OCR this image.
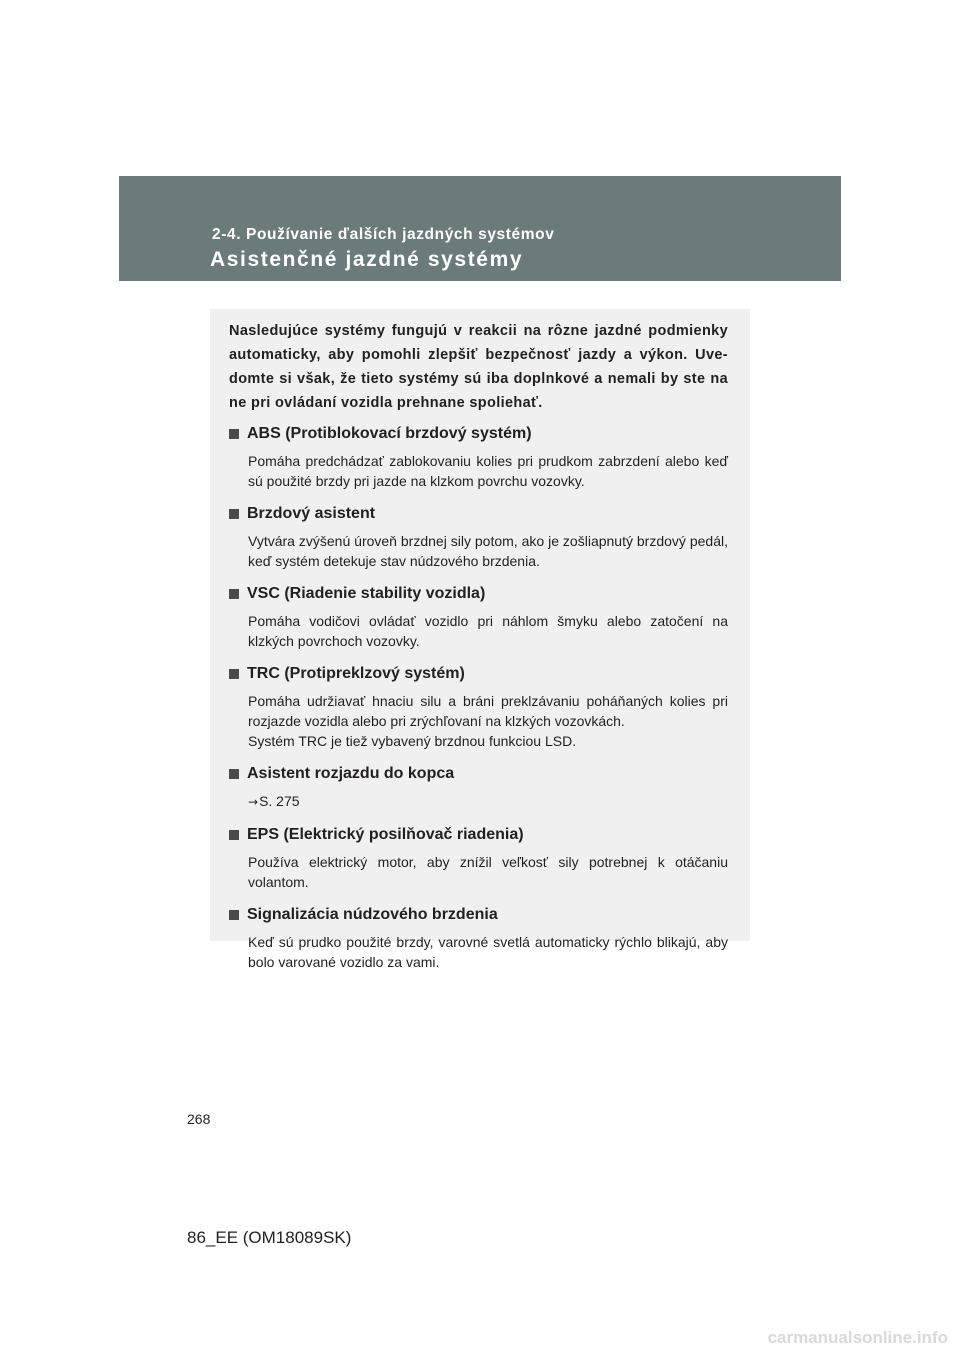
2-4. Používanie ďalších jazdných systémov
Asistenčné jazdné systémy

Nasledujúce systémy fungujú v reakcii na rôzne jazdné podmienky automaticky, aby pomohli zlepšiť bezpečnosť jazdy a výkon. Uve-domte si však, že tieto systémy sú iba doplnkové a nemali by ste na ne pri ovládaní vozidla prehnane spoliehať.

ABS (Protiblokovací brzdový systém)

Pomáha predchádzať zablokovaniu kolies pri prudkom zabrzdení alebo keď sú použité brzdy pri jazde na klzkom povrchu vozovky.

Brzdový asistent

Vytvára zvýšenú úroveň brzdnej sily potom, ako je zošliapnutý brzdový pedál, keď systém detekuje stav núdzového brzdenia.

VSC (Riadenie stability vozidla)

Pomáha vodičovi ovládať vozidlo pri náhlom šmyku alebo zatočení na klzkých povrchoch vozovky.

TRC (Protipreklzový systém)

Pomáha udržiavať hnaciu silu a bráni preklzávaniu poháňaných kolies pri rozjazde vozidla alebo pri zrýchľovaní na klzkých vozovkách.

Systém TRC je tiež vybavený brzdnou funkciou LSD.

Asistent rozjazdu do kopca

→S. 275

EPS (Elektrický posilňovač riadenia)

Používa elektrický motor, aby znížil veľkosť sily potrebnej k otáčaniu volantom.

Signalizácia núdzového brzdenia

Keď sú prudko použité brzdy, varovné svetlá automaticky rýchlo blikajú, aby bolo varované vozidlo za vami.

268
86_EE (OM18089SK)
carmanualsonline.info
